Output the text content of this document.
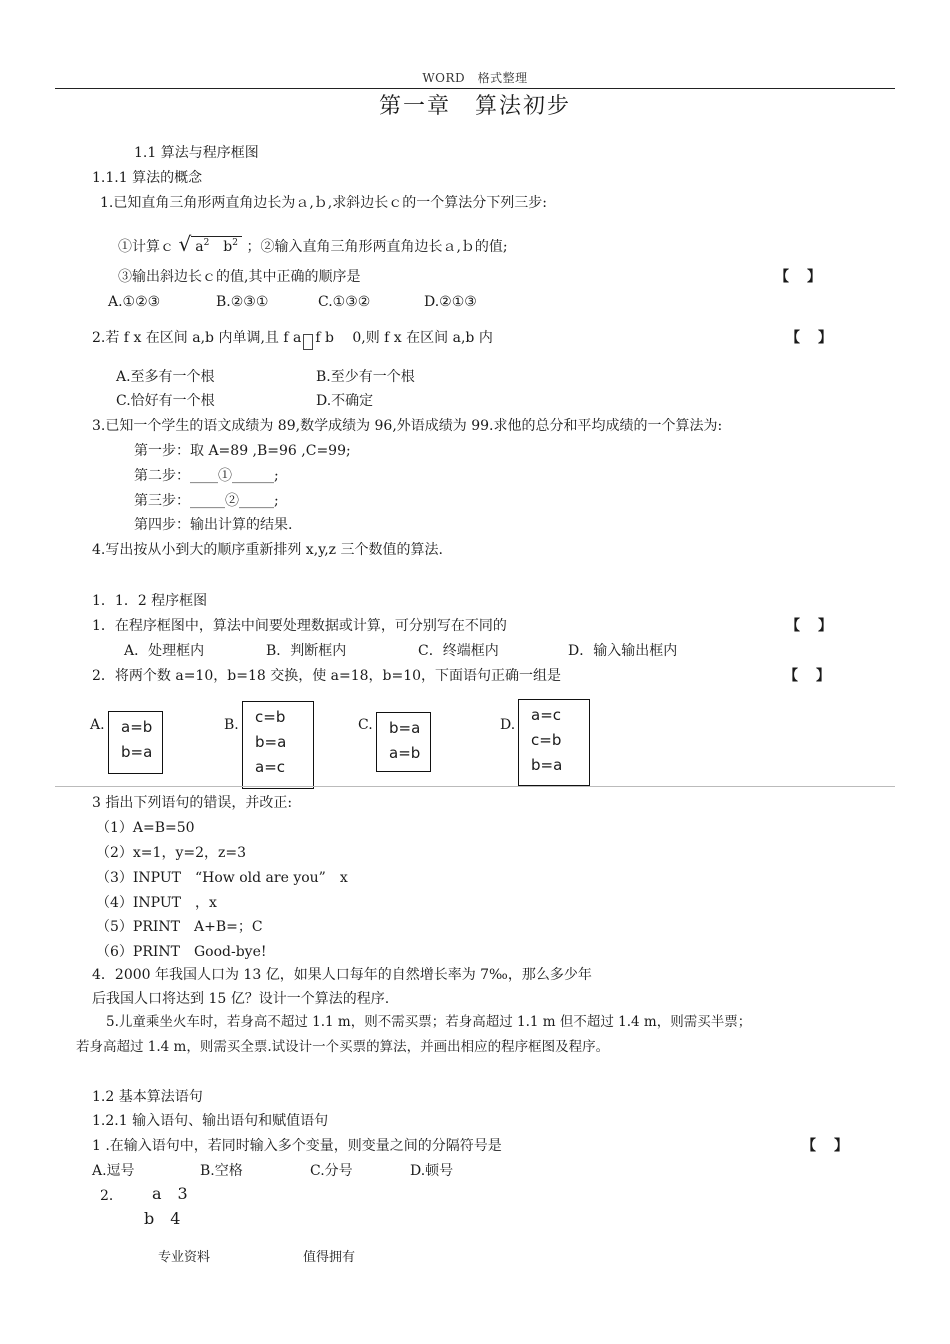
WORD　格式整理
第一章　算法初步
1.1 算法与程序框图
1.1.1 算法的概念
1.已知直角三角形两直角边长为ａ,ｂ,求斜边长ｃ的一个算法分下列三步:
①计算ｃ √ $a^2$　 $b^2$ ；②输入直角三角形两直角边长ａ,ｂ的值;
③输出斜边长ｃ的值,其中正确的顺序是	【】
A.①②③	B.②③①	C.①③②	D.②①③
2.若 f x 在区间 a,b 内单调,且 f a f b　 0,则 f x 在区间 a,b 内	【】
A.至多有一个根	B.至少有一个根
C.恰好有一个根	D.不确定
3.已知一个学生的语文成绩为 89,数学成绩为 96,外语成绩为 99.求他的总分和平均成绩的一个算法为:
第一步：取 A=89 ,B=96 ,C=99;
第二步：____①______;
第三步：_____②_____;
第四步：输出计算的结果.
4.写出按从小到大的顺序重新排列 x,y,z 三个数值的算法.
1．1．2 程序框图
1．在程序框图中，算法中间要处理数据或计算，可分别写在不同的	【】
A．处理框内	B．判断框内	C．终端框内	D．输入输出框内
2．将两个数 a=10，b=18 交换，使 a=18，b=10，下面语句正确一组是	【】
A. a=b
b=a
B. c=b
b=a
a=c
C. b=a
a=b
D.
a=c
c=b
b=a
3 指出下列语句的错误，并改正:
（1）A=B=50
（2）x=1，y=2，z=3
（3）INPUT　“How old are you”　x
（4）INPUT　，x
（5）PRINT　A+B=；C
（6）PRINT　Good-bye!
4．2000 年我国人口为 13 亿，如果人口每年的自然增长率为 7‰，那么多少年
后我国人口将达到 15 亿？设计一个算法的程序.
5.儿童乘坐火车时，若身高不超过 1.1 m，则不需买票；若身高超过 1.1 m 但不超过 1.4 m，则需买半票；
若身高超过 1.4 m，则需买全票.试设计一个买票的算法，并画出相应的程序框图及程序。
1.2 基本算法语句
1.2.1 输入语句、输出语句和赋值语句
1 .在输入语句中，若同时输入多个变量，则变量之间的分隔符号是	【】
A.逗号	B.空格	C.分号	D.顿号
2． a　3
b　4
专业资料	值得拥有
